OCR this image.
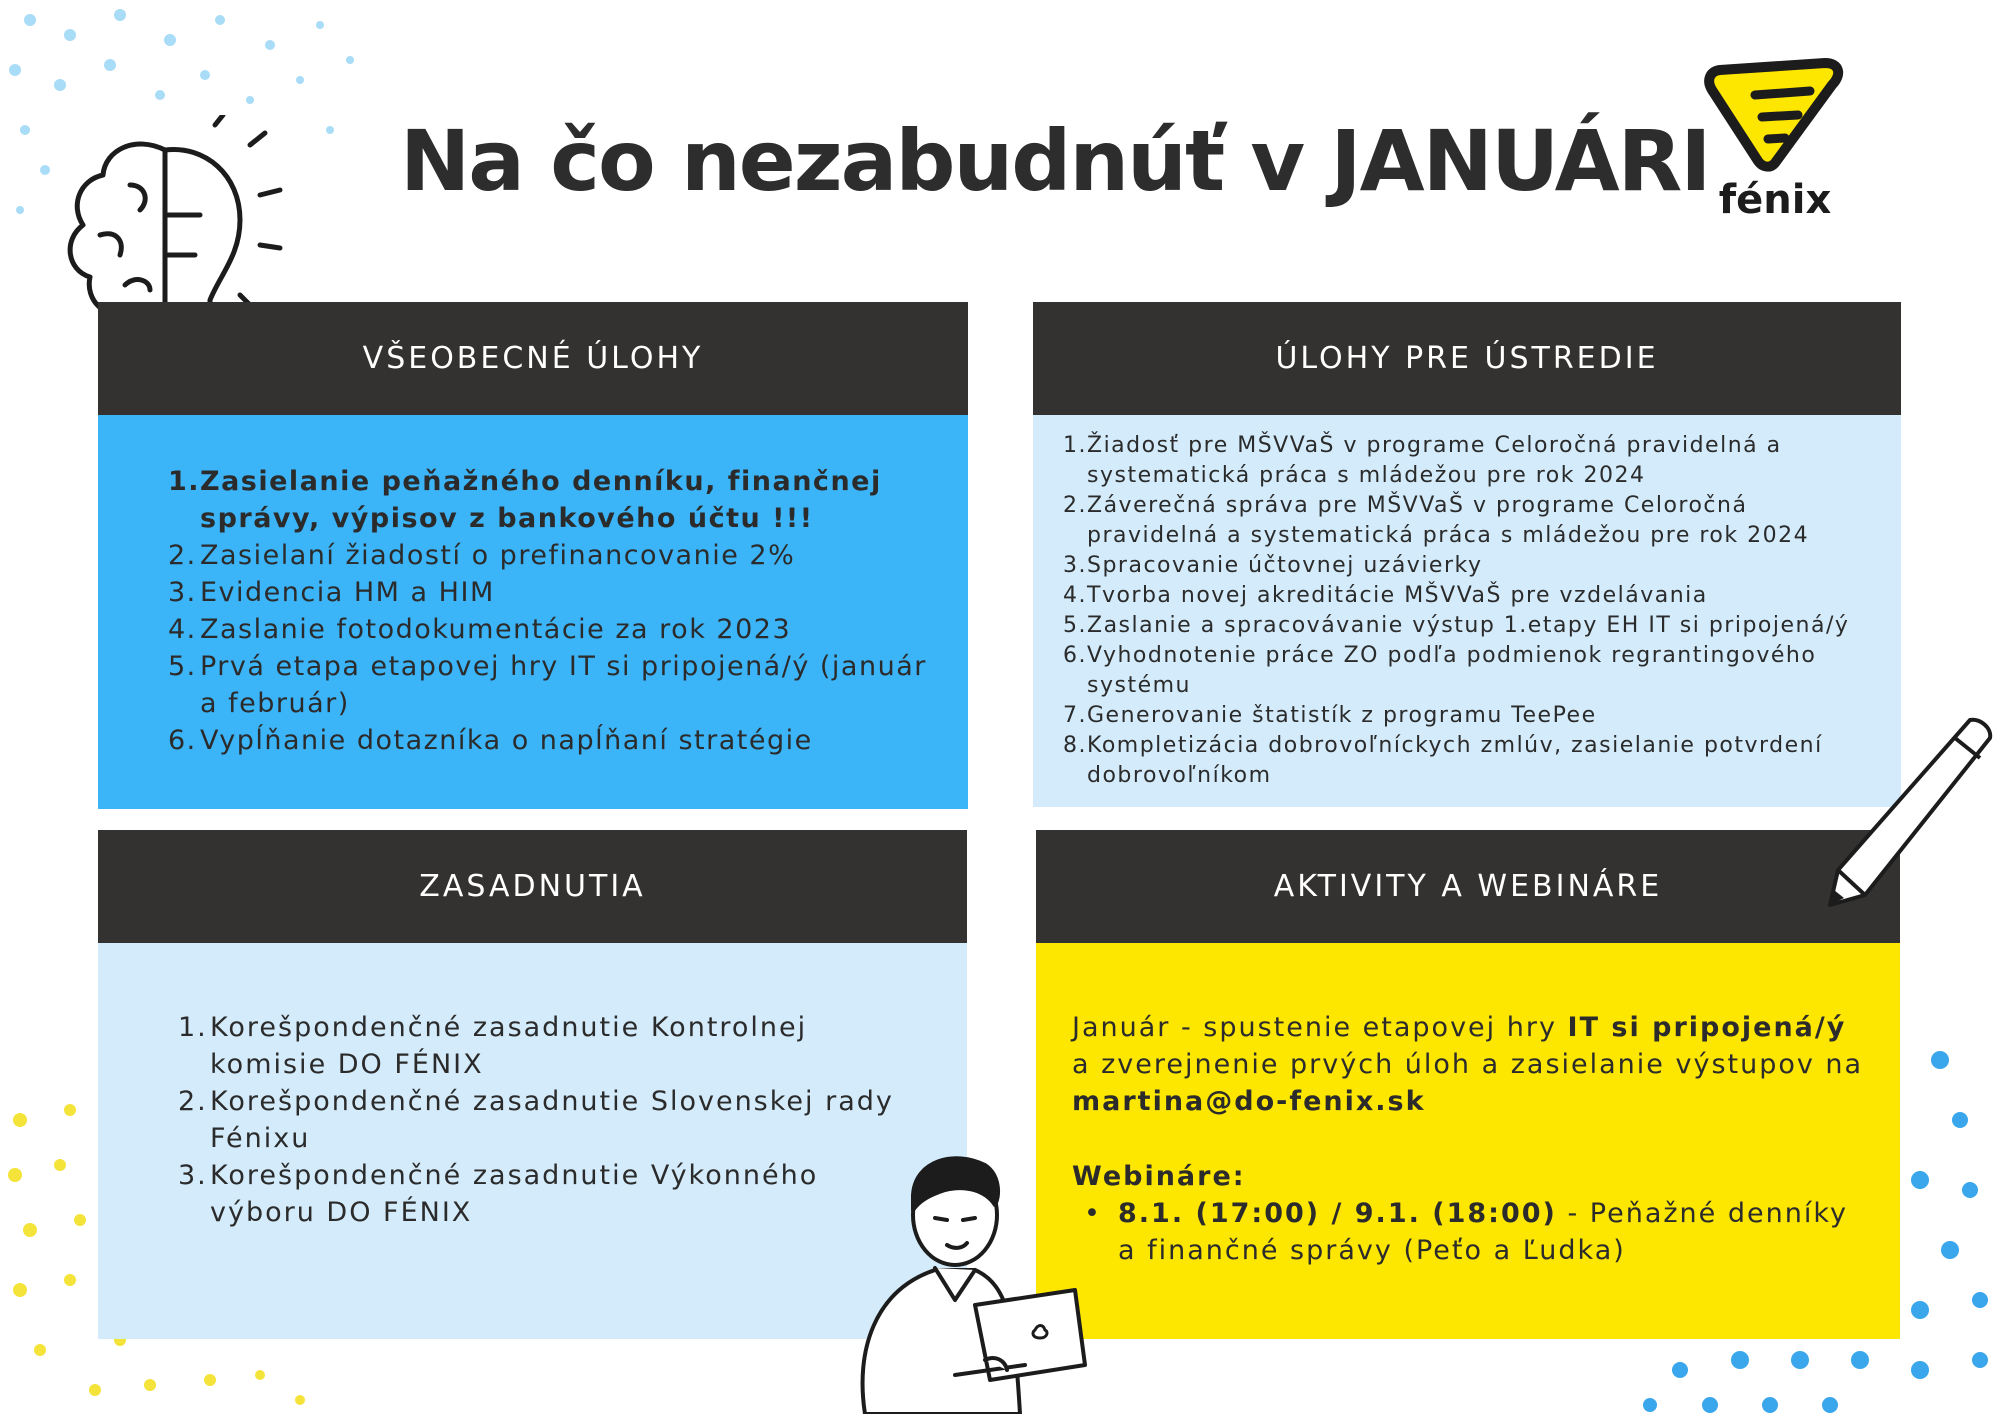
Na čo nezabudnúť v JANUÁRI fénix
VŠEOBECNÉ ÚLOHY
1. Zasielanie peňažného denníku, finančnej správy, výpisov z bankového účtu !!!
2. Zasielaní žiadostí o prefinancovanie 2%
3. Evidencia HM a HIM
4. Zaslanie fotodokumentácie za rok 2023
5. Prvá etapa etapovej hry IT si pripojená/ý (január a február)
6. Vypĺňanie dotazníka o napĺňaní stratégie
ÚLOHY PRE ÚSTREDIE
1. Žiadosť pre MŠVVaŠ v programe Celoročná pravidelná a systematická práca s mládežou pre rok 2024
2. Záverečná správa pre MŠVVaŠ v programe Celoročná pravidelná a systematická práca s mládežou pre rok 2024
3. Spracovanie účtovnej uzávierky
4. Tvorba novej akreditácie MŠVVaŠ pre vzdelávania
5. Zaslanie a spracovávanie výstup 1.etapy EH IT si pripojená/ý
6. Vyhodnotenie práce ZO podľa podmienok regrantingového systému
7. Generovanie štatistík z programu TeePee
8. Kompletizácia dobrovoľníckych zmlúv, zasielanie potvrdení dobrovoľníkom
ZASADNUTIA
1. Korešpondenčné zasadnutie Kontrolnej komisie DO FÉNIX
2. Korešpondenčné zasadnutie Slovenskej rady Fénixu
3. Korešpondenčné zasadnutie Výkonného výboru DO FÉNIX
AKTIVITY A WEBINÁRE

Január - spustenie etapovej hry IT si pripojená/ý a zverejnenie prvých úloh a zasielanie výstupov na martina@do-fenix.sk

Webináre:

• 8.1. (17:00) / 9.1. (18:00) - Peňažné denníky a finančné správy (Peťo a Ľudka)
